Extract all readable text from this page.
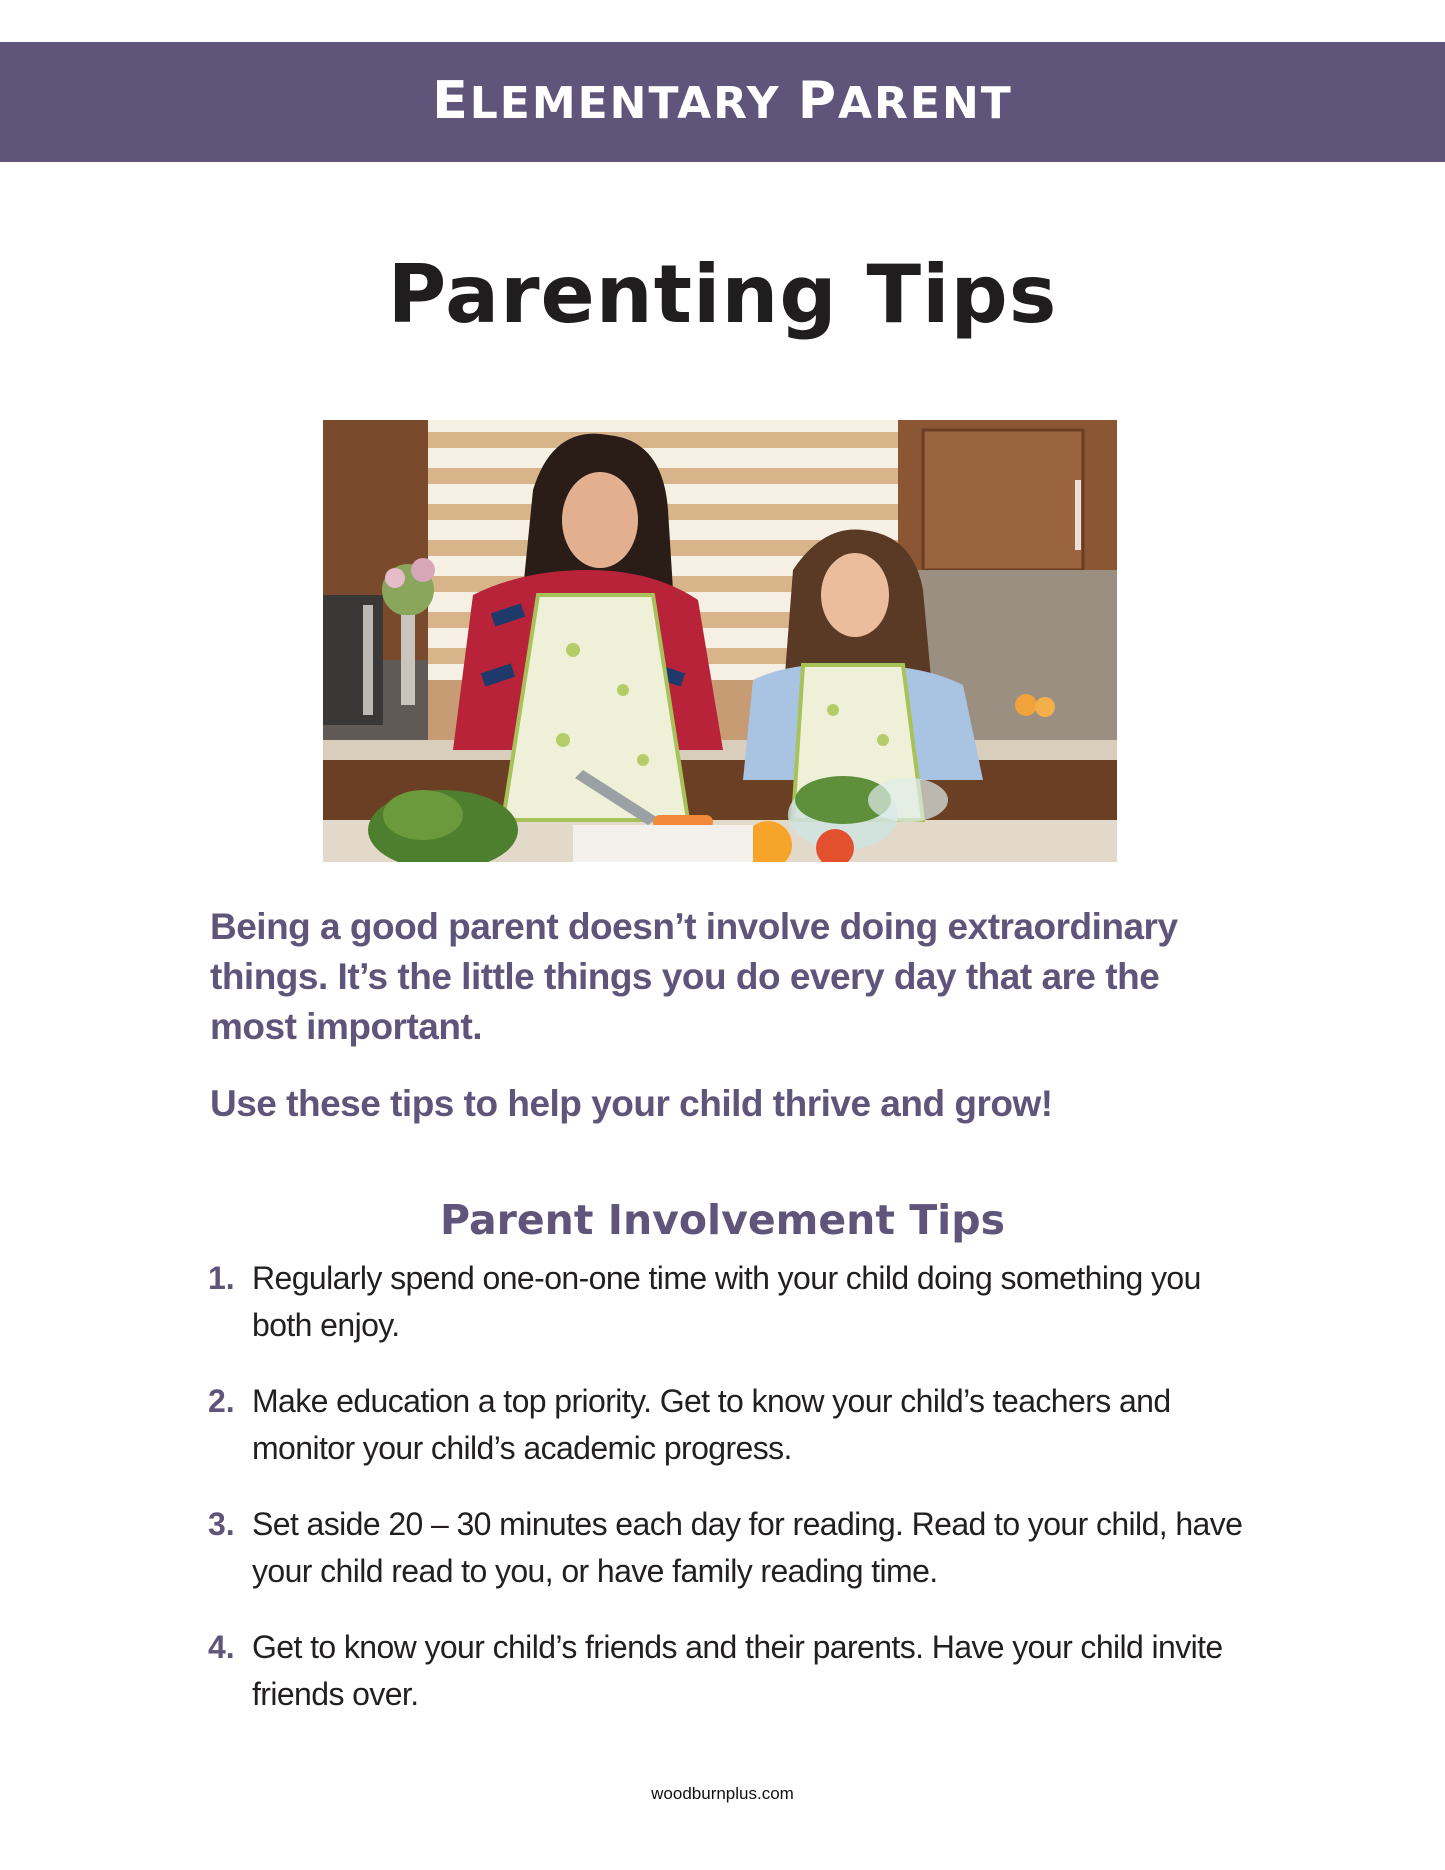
ELEMENTARY PARENT
Parenting Tips

Being a good parent doesn’t involve doing extraordinary things. It’s the little things you do every day that are the most important.

Use these tips to help your child thrive and grow!

Parent Involvement Tips
1. Regularly spend one-on-one time with your child doing something you both enjoy.
2. Make education a top priority. Get to know your child’s teachers and monitor your child’s academic progress.
3. Set aside 20 – 30 minutes each day for reading. Read to your child, have your child read to you, or have family reading time.
4. Get to know your child’s friends and their parents. Have your child invite friends over.
woodburnplus.com
